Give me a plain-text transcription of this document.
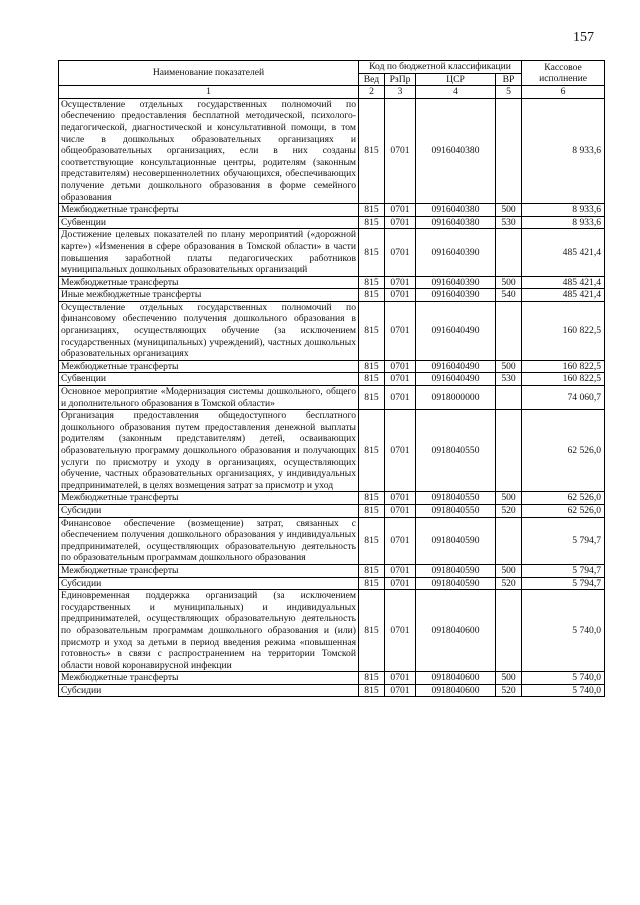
157
Наименование показателей	Код по бюджетной классификации				Кассовое исполнение
	Вед	РзПр	ЦСР	ВР	
1	2	3	4	5	6
Осуществление отдельных государственных полномочий по обеспечению предоставления бесплатной методической, психолого-педагогической, диагностической и консультативной помощи, в том числе в дошкольных образовательных организациях и общеобразовательных организациях, если в них созданы соответствующие консультационные центры, родителям (законным представителям) несовершеннолетних обучающихся, обеспечивающих получение детьми дошкольного образования в форме семейного образования	815	0701	0916040380		8 933,6
Межбюджетные трансферты	815	0701	0916040380	500	8 933,6
Субвенции	815	0701	0916040380	530	8 933,6
Достижение целевых показателей по плану мероприятий («дорожной карте») «Изменения в сфере образования в Томской области» в части повышения заработной платы педагогических работников муниципальных дошкольных образовательных организаций	815	0701	0916040390		485 421,4
Межбюджетные трансферты	815	0701	0916040390	500	485 421,4
Иные межбюджетные трансферты	815	0701	0916040390	540	485 421,4
Осуществление отдельных государственных полномочий по финансовому обеспечению получения дошкольного образования в организациях, осуществляющих обучение (за исключением государственных (муниципальных) учреждений), частных дошкольных образовательных организациях	815	0701	0916040490		160 822,5
Межбюджетные трансферты	815	0701	0916040490	500	160 822,5
Субвенции	815	0701	0916040490	530	160 822,5
Основное мероприятие «Модернизация системы дошкольного, общего и дополнительного образования в Томской области»	815	0701	0918000000		74 060,7
Организация предоставления общедоступного бесплатного дошкольного образования путем предоставления денежной выплаты родителям (законным представителям) детей, осваивающих образовательную программу дошкольного образования и получающих услуги по присмотру и уходу в организациях, осуществляющих обучение, частных образовательных организациях, у индивидуальных предпринимателей, в целях возмещения затрат за присмотр и уход	815	0701	0918040550		62 526,0
Межбюджетные трансферты	815	0701	0918040550	500	62 526,0
Субсидии	815	0701	0918040550	520	62 526,0
Финансовое обеспечение (возмещение) затрат, связанных с обеспечением получения дошкольного образования у индивидуальных предпринимателей, осуществляющих образовательную деятельность по образовательным программам дошкольного образования	815	0701	0918040590		5 794,7
Межбюджетные трансферты	815	0701	0918040590	500	5 794,7
Субсидии	815	0701	0918040590	520	5 794,7
Единовременная поддержка организаций (за исключением государственных и муниципальных) и индивидуальных предпринимателей, осуществляющих образовательную деятельность по образовательным программам дошкольного образования и (или) присмотр и уход за детьми в период введения режима «повышенная готовность» в связи с распространением на территории Томской области новой коронавирусной инфекции	815	0701	0918040600		5 740,0
Межбюджетные трансферты	815	0701	0918040600	500	5 740,0
Субсидии	815	0701	0918040600	520	5 740,0
